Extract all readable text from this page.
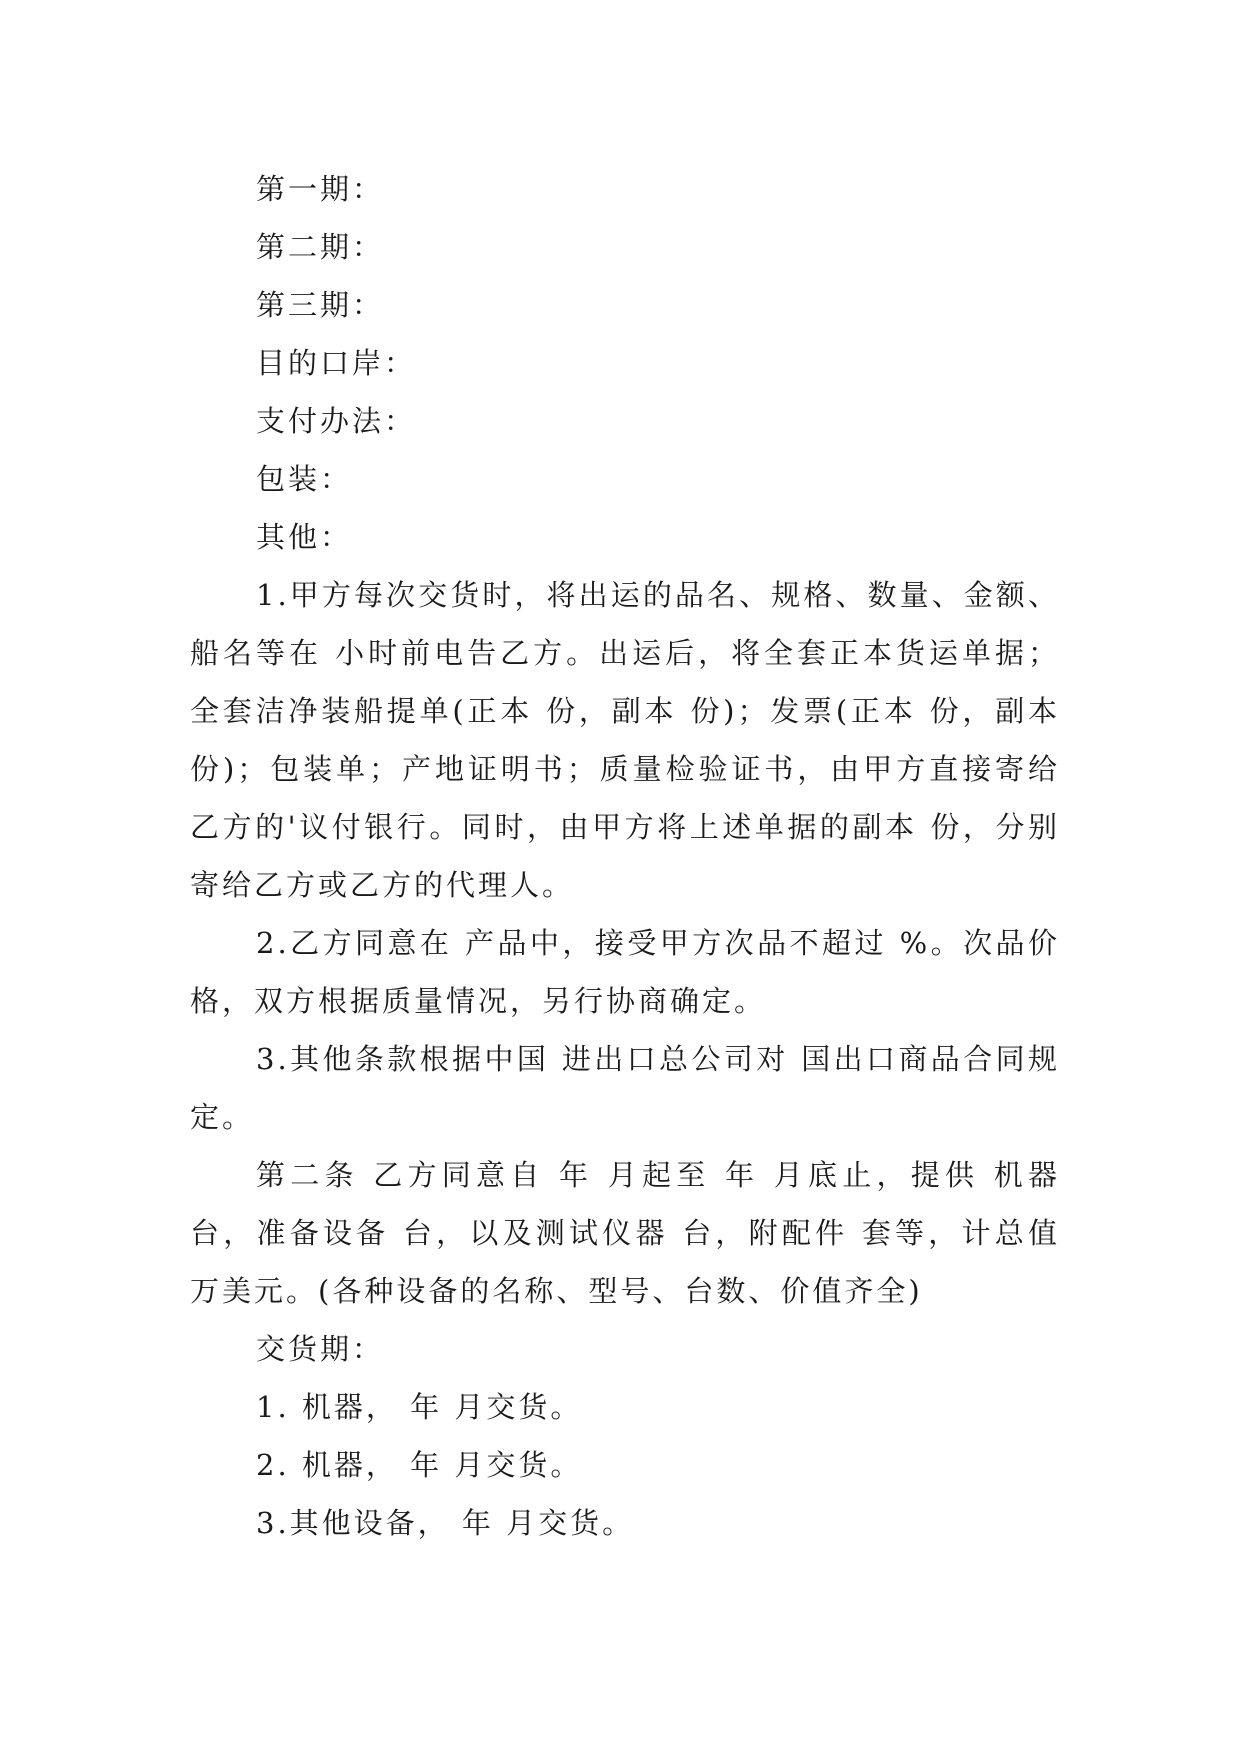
第一期：

第二期：

第三期：

目的口岸：

支付办法：

包装：

其他：

1.甲方每次交货时，将出运的品名、规格、数量、金额、船名等在 小时前电告乙方。出运后，将全套正本货运单据；全套洁净装船提单(正本 份，副本 份)；发票(正本 份，副本 份)；包装单；产地证明书；质量检验证书，由甲方直接寄给乙方的'议付银行。同时，由甲方将上述单据的副本 份，分别寄给乙方或乙方的代理人。

2.乙方同意在 产品中，接受甲方次品不超过 %。次品价格，双方根据质量情况，另行协商确定。

3.其他条款根据中国 进出口总公司对 国出口商品合同规定。

第二条 乙方同意自 年 月起至 年 月底止，提供 机器 台，准备设备 台，以及测试仪器 台，附配件 套等，计总值 万美元。(各种设备的名称、型号、台数、价值齐全)

交货期：

1. 机器， 年 月交货。

2. 机器， 年 月交货。

3.其他设备， 年 月交货。
